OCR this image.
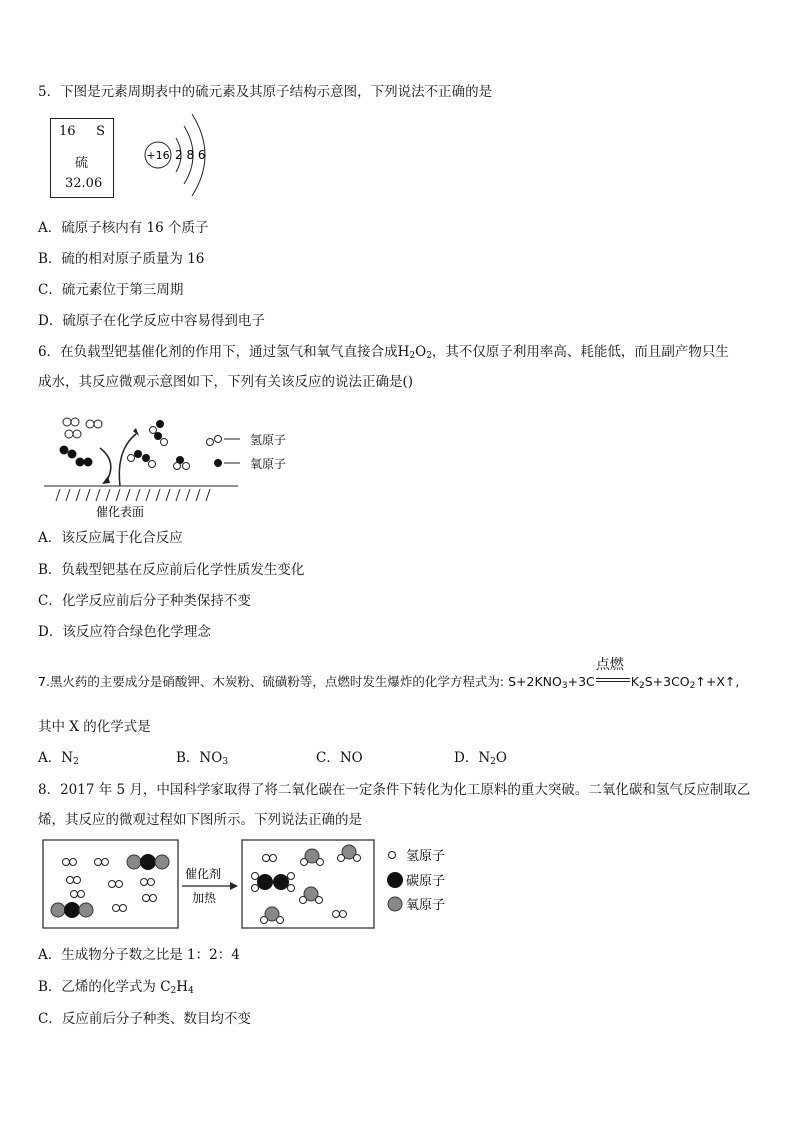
5．下图是元素周期表中的硫元素及其原子结构示意图，下列说法不正确的是
16 S
硫
32.06
+16 2 8 6
A．硫原子核内有 16 个质子
B．硫的相对原子质量为 16
C．硫元素位于第三周期
D．硫原子在化学反应中容易得到电子
6．在负载型钯基催化剂的作用下，通过氢气和氧气直接合成$H_2O_2$，其不仅原子利用率高、耗能低，而且副产物只生
成水，其反应微观示意图如下，下列有关该反应的说法正确是()
氢原子
氧原子
催化表面
A．该反应属于化合反应
B．负载型钯基在反应前后化学性质发生变化
C．化学反应前后分子种类保持不变
D．该反应符合绿色化学理念
7.黑火药的主要成分是硝酸钾、木炭粉、硫磺粉等，点燃时发生爆炸的化学方程式为: $S+2KNO_3+3C$
点燃
$K_2S+3CO_2↑+X↑$,
其中 X 的化学式是
A．$N_2$	B．$NO_3$	C．NO	D．$N_2O$
8．2017 年 5 月，中国科学家取得了将二氧化碳在一定条件下转化为化工原料的重大突破。二氧化碳和氢气反应制取乙
烯，其反应的微观过程如下图所示。下列说法正确的是
催化剂
加热
氢原子
碳原子
氧原子
A．生成物分子数之比是 1：2：4
B．乙烯的化学式为 $C_2H_4$
C．反应前后分子种类、数目均不变
